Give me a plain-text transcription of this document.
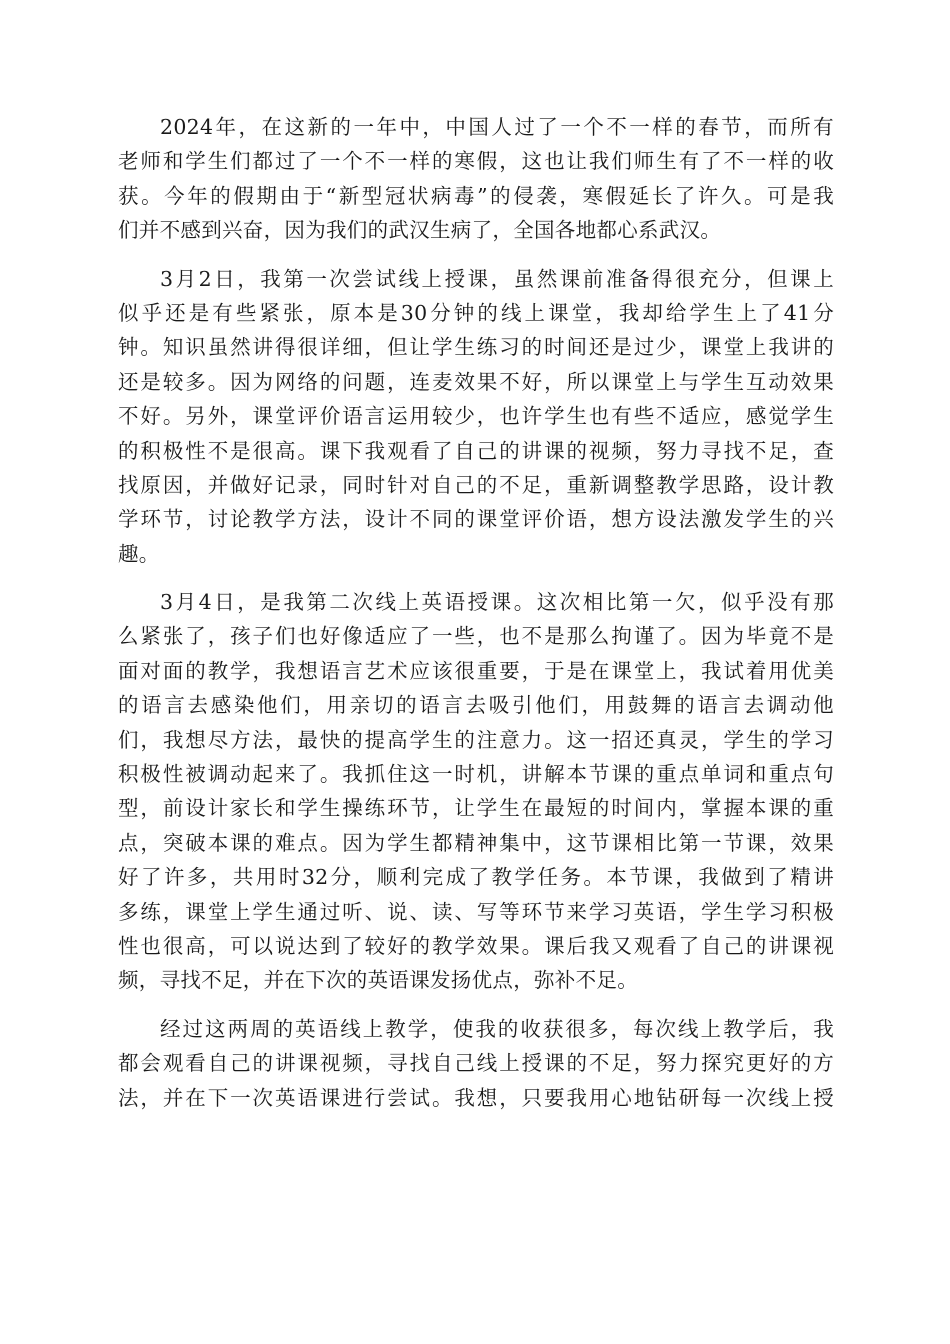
2024年，在这新的一年中，中国人过了一个不一样的春节，而所有
老师和学生们都过了一个不一样的寒假，这也让我们师生有了不一样的收
获。今年的假期由于“新型冠状病毒”的侵袭，寒假延长了许久。可是我
们并不感到兴奋，因为我们的武汉生病了，全国各地都心系武汉。
3月2日，我第一次尝试线上授课，虽然课前准备得很充分，但课上
似乎还是有些紧张，原本是30分钟的线上课堂，我却给学生上了41分
钟。知识虽然讲得很详细，但让学生练习的时间还是过少，课堂上我讲的
还是较多。因为网络的问题，连麦效果不好，所以课堂上与学生互动效果
不好。另外，课堂评价语言运用较少，也许学生也有些不适应，感觉学生
的积极性不是很高。课下我观看了自己的讲课的视频，努力寻找不足，查
找原因，并做好记录，同时针对自己的不足，重新调整教学思路，设计教
学环节，讨论教学方法，设计不同的课堂评价语，想方设法激发学生的兴
趣。
3月4日，是我第二次线上英语授课。这次相比第一欠，似乎没有那
么紧张了，孩子们也好像适应了一些，也不是那么拘谨了。因为毕竟不是
面对面的教学，我想语言艺术应该很重要，于是在课堂上，我试着用优美
的语言去感染他们，用亲切的语言去吸引他们，用鼓舞的语言去调动他
们，我想尽方法，最快的提高学生的注意力。这一招还真灵，学生的学习
积极性被调动起来了。我抓住这一时机，讲解本节课的重点单词和重点句
型，前设计家长和学生操练环节，让学生在最短的时间内，掌握本课的重
点，突破本课的难点。因为学生都精神集中，这节课相比第一节课，效果
好了许多，共用时32分，顺利完成了教学任务。本节课，我做到了精讲
多练，课堂上学生通过听、说、读、写等环节来学习英语，学生学习积极
性也很高，可以说达到了较好的教学效果。课后我又观看了自己的讲课视
频，寻找不足，并在下次的英语课发扬优点，弥补不足。
经过这两周的英语线上教学，使我的收获很多，每次线上教学后，我
都会观看自己的讲课视频，寻找自己线上授课的不足，努力探究更好的方
法，并在下一次英语课进行尝试。我想，只要我用心地钻研每一次线上授
